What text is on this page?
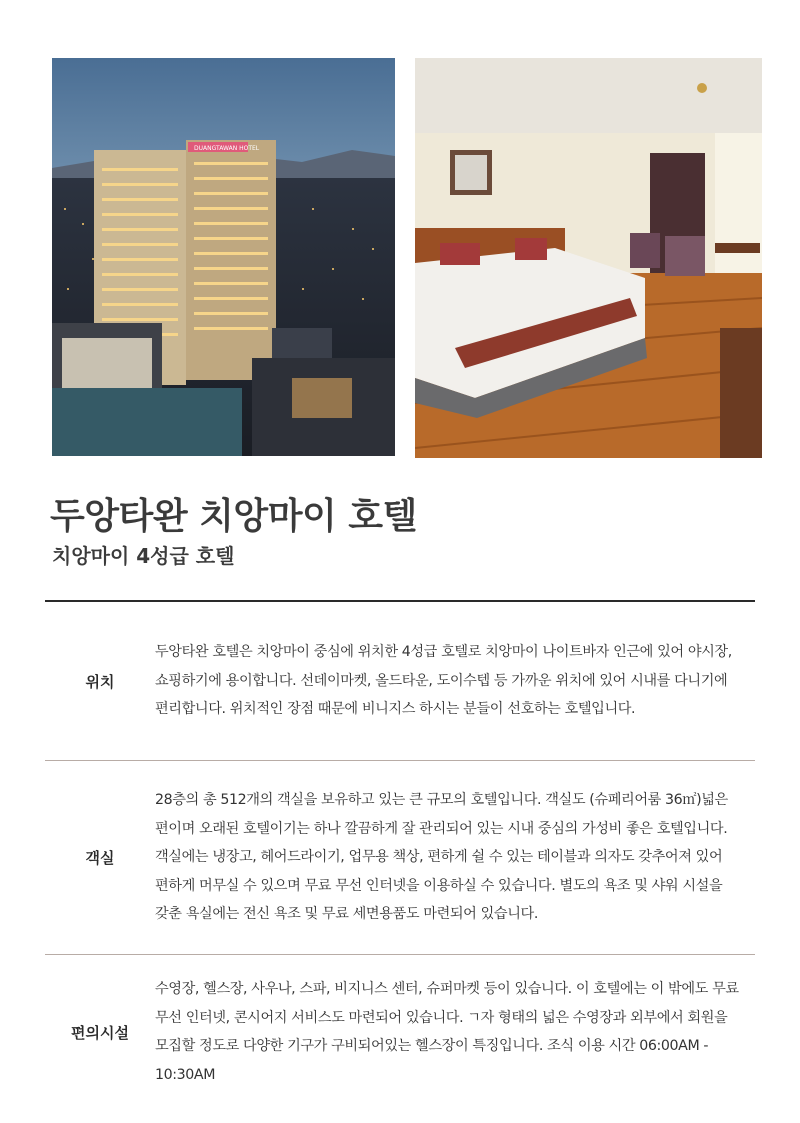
DUANGTAWAN HOTEL
두앙타완 치앙마이 호텔
치앙마이 4성급 호텔
위치

두앙타완 호텔은 치앙마이 중심에 위치한 4성급 호텔로 치앙마이 나이트바자 인근에 있어 야시장, 쇼핑하기에 용이합니다. 선데이마켓, 올드타운, 도이수텝 등 가까운 위치에 있어 시내를 다니기에 편리합니다. 위치적인 장점 때문에 비니지스 하시는 분들이 선호하는 호텔입니다.

객실

28층의 총 512개의 객실을 보유하고 있는 큰 규모의 호텔입니다. 객실도 (슈페리어룸 36㎡)넓은 편이며 오래된 호텔이기는 하나 깔끔하게 잘 관리되어 있는 시내 중심의 가성비 좋은 호텔입니다. 객실에는 냉장고, 헤어드라이기, 업무용 책상, 편하게 쉴 수 있는 테이블과 의자도 갖추어져 있어 편하게 머무실 수 있으며 무료 무선 인터넷을 이용하실 수 있습니다. 별도의 욕조 및 샤워 시설을 갖춘 욕실에는 전신 욕조 및 무료 세면용품도 마련되어 있습니다.

편의시설

수영장, 헬스장, 사우나, 스파, 비지니스 센터, 슈퍼마켓 등이 있습니다. 이 호텔에는 이 밖에도 무료 무선 인터넷, 콘시어지 서비스도 마련되어 있습니다. ㄱ자 형태의 넓은 수영장과 외부에서 회원을 모집할 정도로 다양한 기구가 구비되어있는 헬스장이 특징입니다. 조식 이용 시간 06:00AM - 10:30AM
